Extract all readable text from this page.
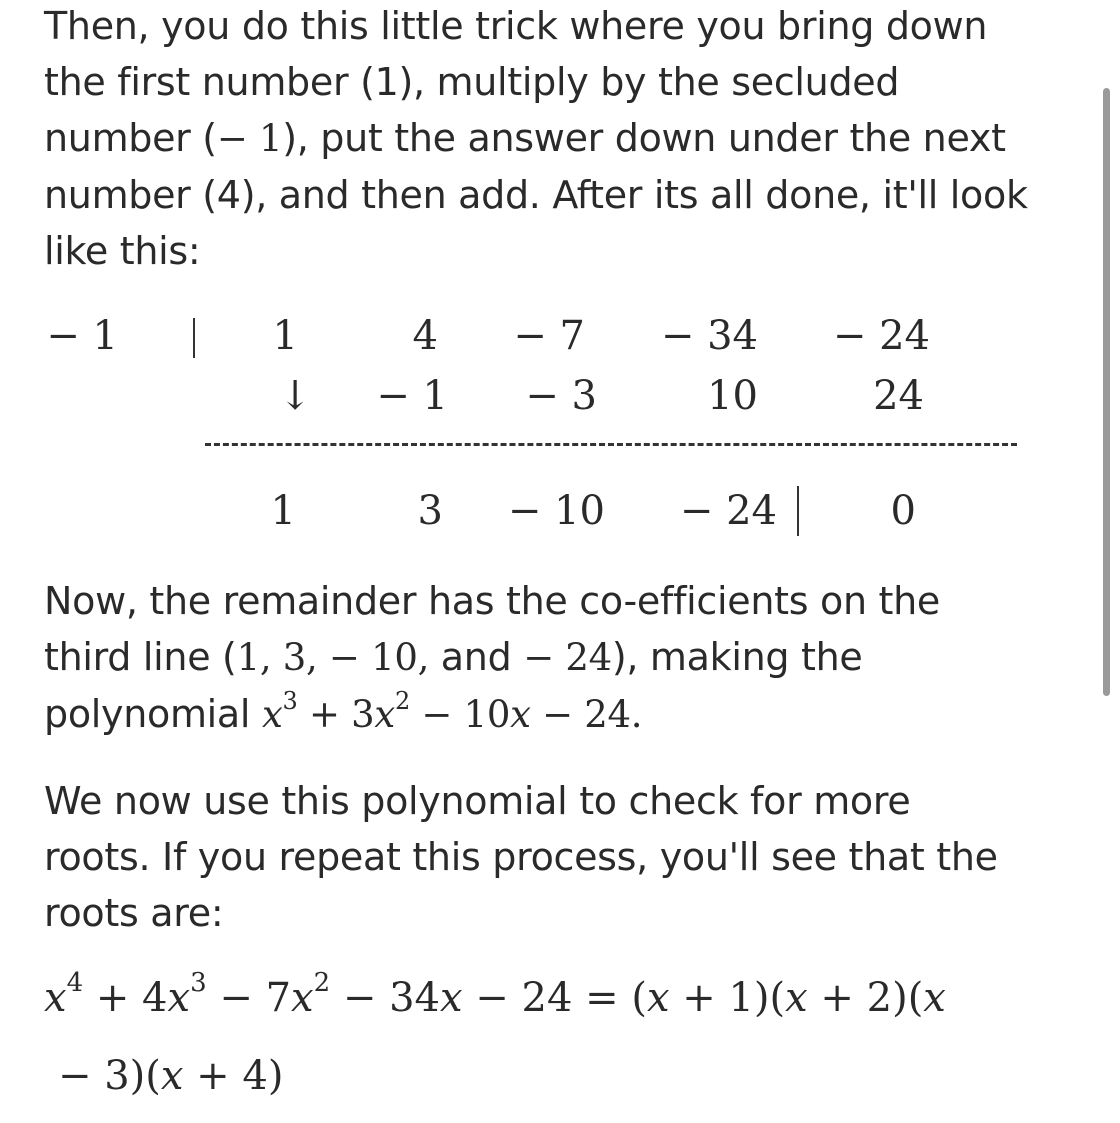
Then, you do this little trick where you bring down
the first number (1), multiply by the secluded
number (− 1), put the answer down under the next
number (4), and then add. After its all done, it'll look
like this:
− 1	1	4	− 7	− 34	− 24
↓	− 1	− 3	10	24
1	3	− 10	− 24	0
Now, the remainder has the co-efficients on the
third line (1, 3, − 10, and − 24), making the
polynomial $x^3 + 3x^2 - 10x - 24$.
We now use this polynomial to check for more
roots. If you repeat this process, you'll see that the
roots are:
$x^4 + 4x^3 - 7x^2 - 34x - 24 = (x + 1)(x + 2)(x$
− 3)(x + 4)
